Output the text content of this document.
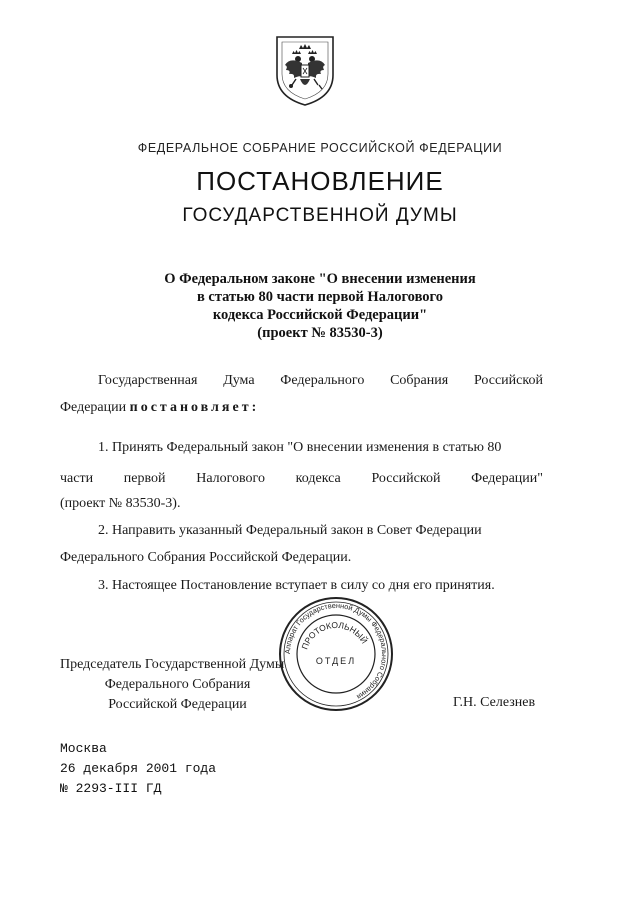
ФЕДЕРАЛЬНОЕ СОБРАНИЕ РОССИЙСКОЙ ФЕДЕРАЦИИ
ПОСТАНОВЛЕНИЕ
ГОСУДАРСТВЕННОЙ ДУМЫ
О Федеральном законе "О внесении изменения
в статью 80 части первой Налогового
кодекса Российской Федерации"
(проект № 83530-3)
Государственная Дума Федерального Собрания Российской
Федерации постановляет:
1. Принять Федеральный закон "О внесении изменения в статью 80
части первой Налогового кодекса Российской Федерации"
(проект № 83530-3).
2. Направить указанный Федеральный закон в Совет Федерации
Федерального Собрания Российской Федерации.
3. Настоящее Постановление вступает в силу со дня его принятия.
Председатель Государственной Думы
Федерального Собрания
Российской Федерации
Аппарат Государственной Думы Федерального Собрания
ПРОТОКОЛЬНЫЙ
ОТДЕЛ
Г.Н. Селезнев
Москва
26 декабря 2001 года
№ 2293-III ГД
